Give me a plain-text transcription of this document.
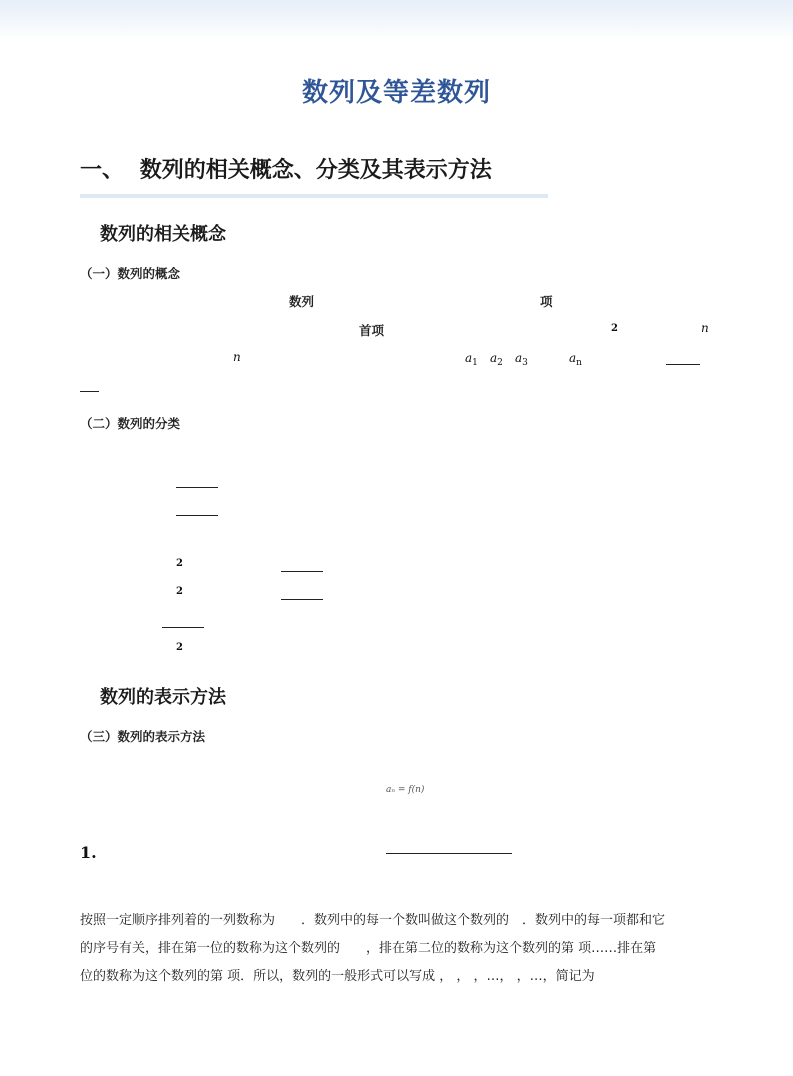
数列及等差数列
一、 数列的相关概念、分类及其表示方法
数列的相关概念
（一）数列的概念
数列	项
首项	2	n
n	$a_1$ $a_2$ $a_3$	$a_n$
（二）数列的分类
2
2
2
数列的表示方法
（三）数列的表示方法
aₙ = f(n)
1.
按照一定顺序排列着的一列数称为　　．数列中的每一个数叫做这个数列的　．数列中的每一项都和它
的序号有关，排在第一位的数称为这个数列的　　，排在第二位的数称为这个数列的第 项……排在第
位的数称为这个数列的第 项．所以，数列的一般形式可以写成 ， ， ，…， ，…，简记为
